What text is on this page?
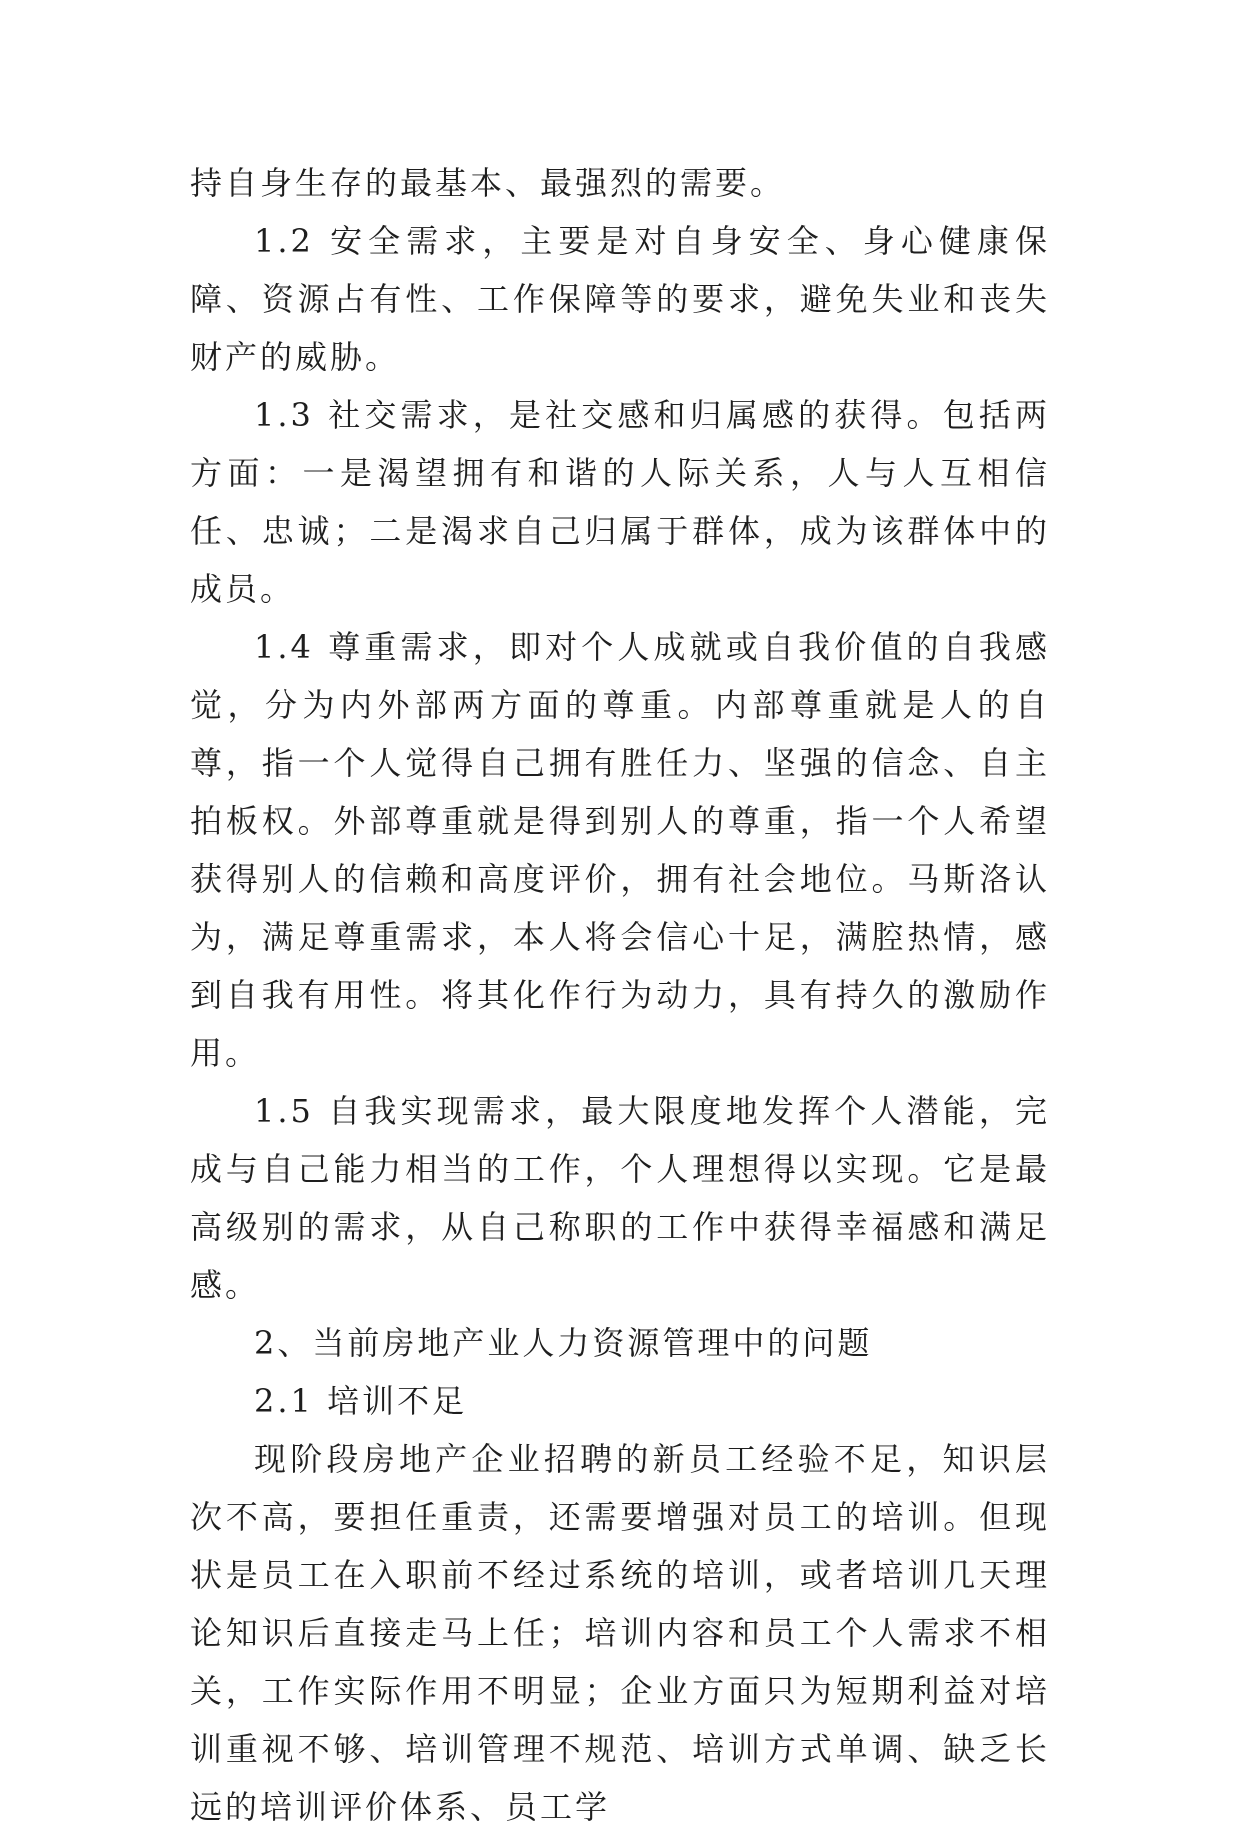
持自身生存的最基本、最强烈的需要。

1.2 安全需求，主要是对自身安全、身心健康保障、资源占有性、工作保障等的要求，避免失业和丧失财产的威胁。

1.3 社交需求，是社交感和归属感的获得。包括两方面：一是渴望拥有和谐的人际关系，人与人互相信任、忠诚；二是渴求自己归属于群体，成为该群体中的成员。

1.4 尊重需求，即对个人成就或自我价值的自我感觉，分为内外部两方面的尊重。内部尊重就是人的自尊，指一个人觉得自己拥有胜任力、坚强的信念、自主拍板权。外部尊重就是得到别人的尊重，指一个人希望获得别人的信赖和高度评价，拥有社会地位。马斯洛认为，满足尊重需求，本人将会信心十足，满腔热情，感到自我有用性。将其化作行为动力，具有持久的激励作用。

1.5 自我实现需求，最大限度地发挥个人潜能，完成与自己能力相当的工作，个人理想得以实现。它是最高级别的需求，从自己称职的工作中获得幸福感和满足感。

2、当前房地产业人力资源管理中的问题

2.1 培训不足

现阶段房地产企业招聘的新员工经验不足，知识层次不高，要担任重责，还需要增强对员工的培训。但现状是员工在入职前不经过系统的培训，或者培训几天理论知识后直接走马上任；培训内容和员工个人需求不相关，工作实际作用不明显；企业方面只为短期利益对培训重视不够、培训管理不规范、培训方式单调、缺乏长远的培训评价体系、员工学
